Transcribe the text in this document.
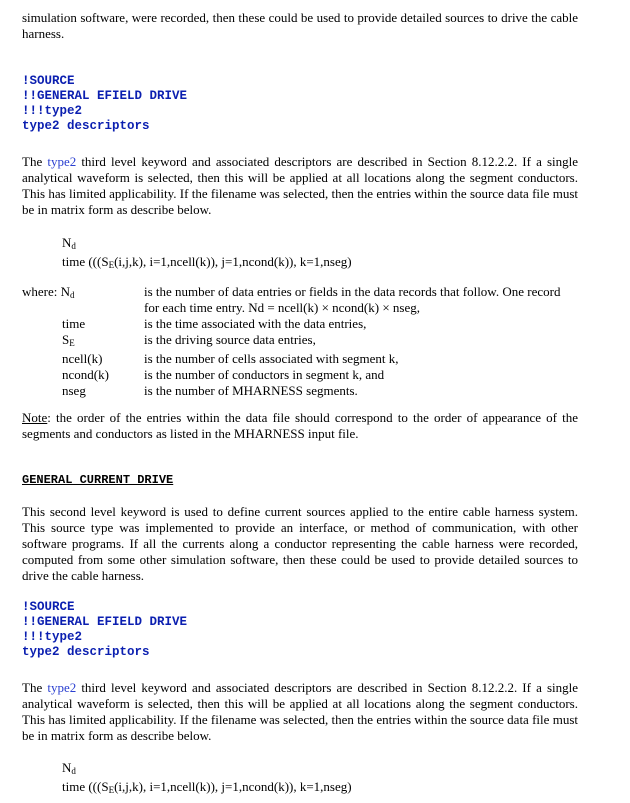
simulation software, were recorded, then these could be used to provide detailed sources to drive the cable harness.

!SOURCE
!!GENERAL EFIELD DRIVE
!!!type2
type2 descriptors

The type2 third level keyword and associated descriptors are described in Section 8.12.2.2. If a single analytical waveform is selected, then this will be applied at all locations along the segment conductors. This has limited applicability. If the filename was selected, then the entries within the source data file must be in matrix form as describe below.

$N_d$
time ((($S_E(i,j,k)$, i=1,ncell(k)), j=1,ncond(k)), k=1,nseg)
where: $N_d$	is the number of data entries or fields in the data records that follow. One record for each time entry. Nd = ncell(k) × ncond(k) × nseg,
time	is the time associated with the data entries,
$S_E$	is the driving source data entries,
ncell(k)	is the number of cells associated with segment k,
ncond(k)	is the number of conductors in segment k, and
nseg	is the number of MHARNESS segments.

Note: the order of the entries within the data file should correspond to the order of appearance of the segments and conductors as listed in the MHARNESS input file.

GENERAL CURRENT DRIVE

This second level keyword is used to define current sources applied to the entire cable harness system. This source type was implemented to provide an interface, or method of communication, with other software programs. If all the currents along a conductor representing the cable harness were recorded, computed from some other simulation software, then these could be used to provide detailed sources to drive the cable harness.

!SOURCE
!!GENERAL EFIELD DRIVE
!!!type2
type2 descriptors

The type2 third level keyword and associated descriptors are described in Section 8.12.2.2. If a single analytical waveform is selected, then this will be applied at all locations along the segment conductors. This has limited applicability. If the filename was selected, then the entries within the source data file must be in matrix form as describe below.

$N_d$
time ((($S_E(i,j,k)$, i=1,ncell(k)), j=1,ncond(k)), k=1,nseg)
